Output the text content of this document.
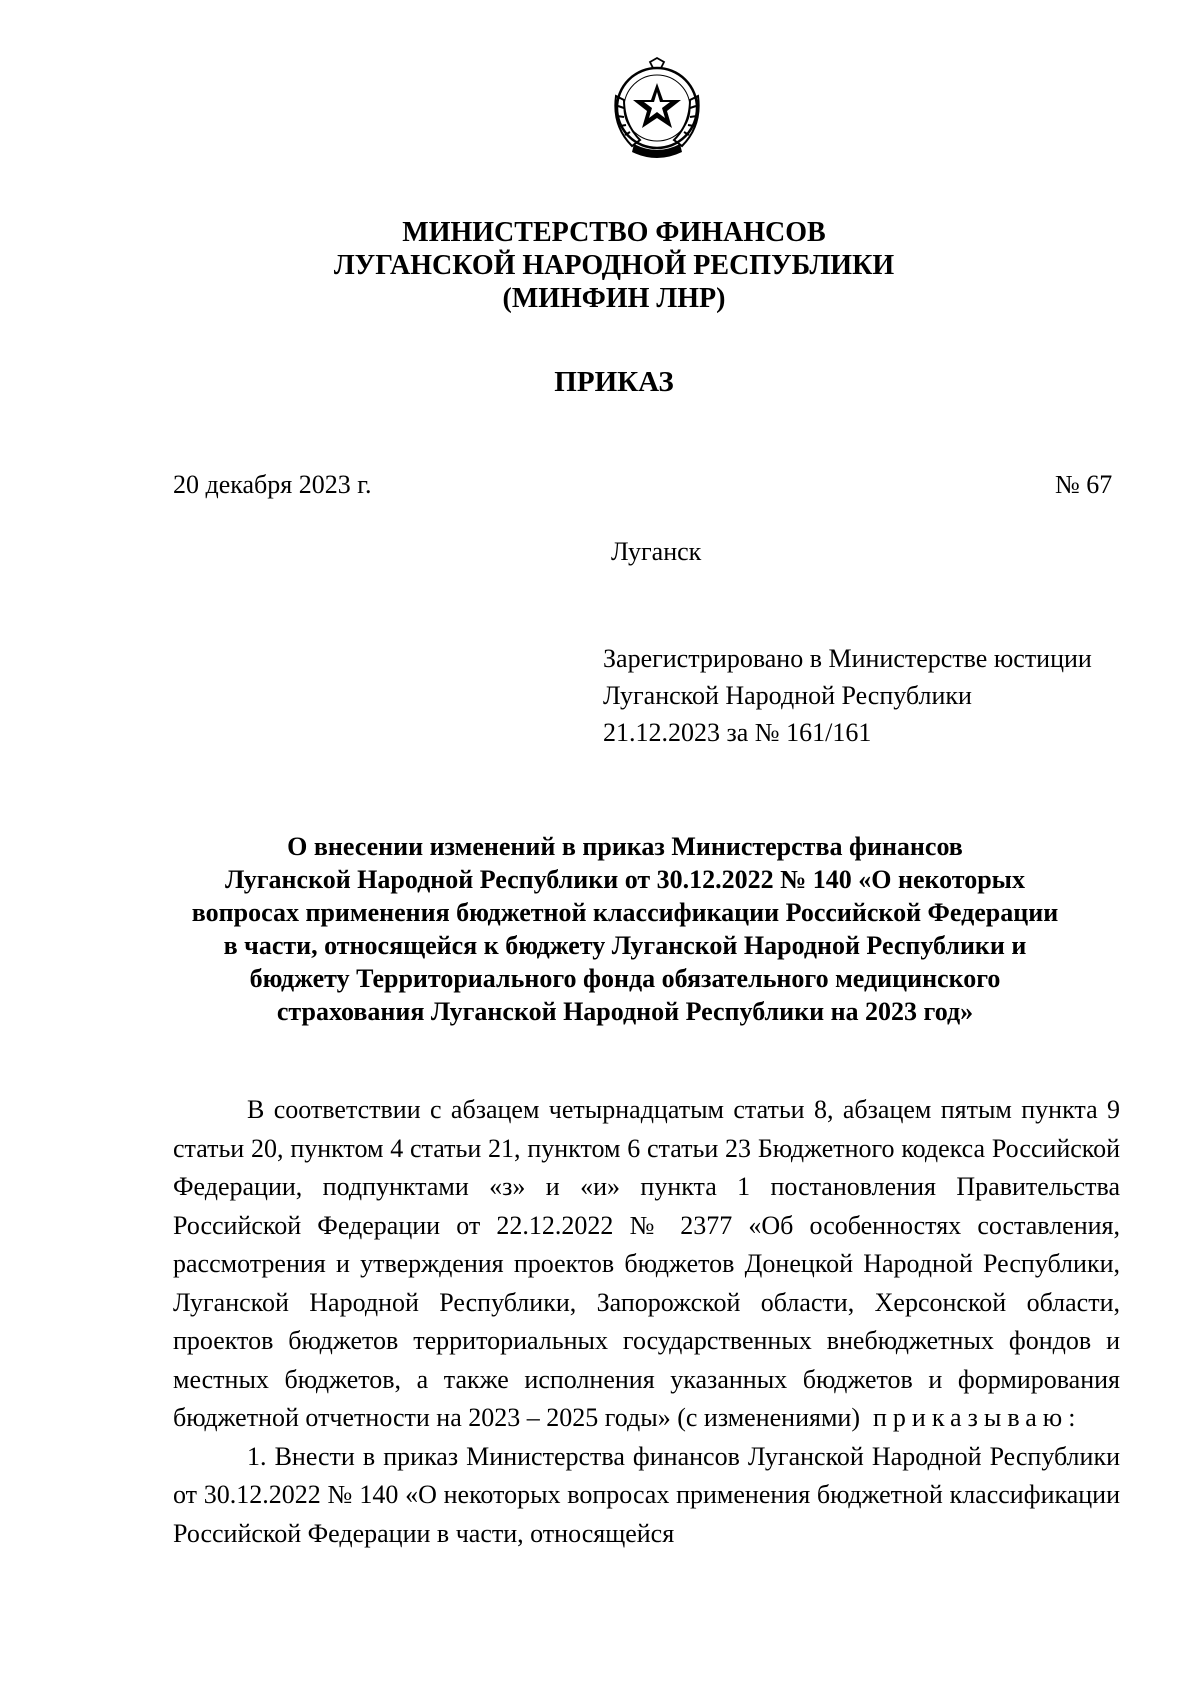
МИНИСТЕРСТВО ФИНАНСОВ
ЛУГАНСКОЙ НАРОДНОЙ РЕСПУБЛИКИ
(МИНФИН ЛНР)
ПРИКАЗ
20 декабря 2023 г.	№ 67
Луганск
Зарегистрировано в Министерстве юстиции
Луганской Народной Республики
21.12.2023 за № 161/161
О внесении изменений в приказ Министерства финансов
Луганской Народной Республики от 30.12.2022 № 140 «О некоторых
вопросах применения бюджетной классификации Российской Федерации
в части, относящейся к бюджету Луганской Народной Республики и
бюджету Территориального фонда обязательного медицинского
страхования Луганской Народной Республики на 2023 год»

В соответствии с абзацем четырнадцатым статьи 8, абзацем пятым пункта 9 статьи 20, пунктом 4 статьи 21, пунктом 6 статьи 23 Бюджетного кодекса Российской Федерации, подпунктами «з» и «и» пункта 1 постановления Правительства Российской Федерации от 22.12.2022 № 2377 «Об особенностях составления, рассмотрения и утверждения проектов бюджетов Донецкой Народной Республики, Луганской Народной Республики, Запорожской области, Херсонской области, проектов бюджетов территориальных государственных внебюджетных фондов и местных бюджетов, а также исполнения указанных бюджетов и формирования бюджетной отчетности на 2023 – 2025 годы» (с изменениями) приказываю:

1. Внести в приказ Министерства финансов Луганской Народной Республики от 30.12.2022 № 140 «О некоторых вопросах применения бюджетной классификации Российской Федерации в части, относящейся
